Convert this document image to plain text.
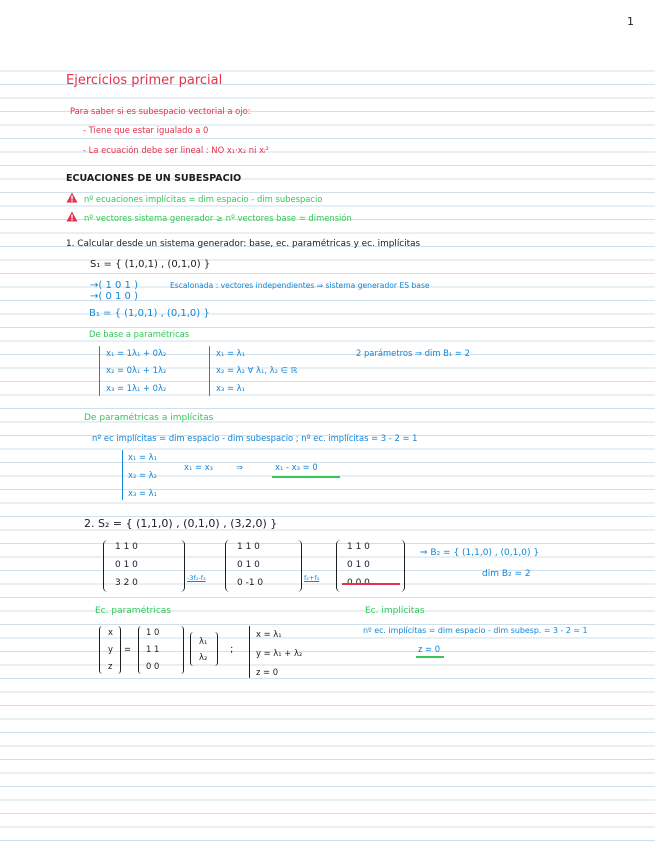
1
Ejercicios primer parcial
Para saber si es subespacio vectorial a ojo:
- Tiene que estar igualado a 0
- La ecuación debe ser lineal : NO x₁·x₂ ni xᵢ²
ECUACIONES DE UN SUBESPACIO
nº ecuaciones implícitas = dim espacio - dim subespacio
nº vectores sistema generador ≥ nº vectores base = dimensión
1. Calcular desde un sistema generador: base, ec. paramétricas y ec. implícitas
S₁ = { (1,0,1) , (0,1,0) }
→( 1 0 1 )
→( 0 1 0 )
Escalonada : vectores independientes ⇒ sistema generador ES base
B₁ = { (1,0,1) , (0,1,0) }
De base a paramétricas
x₁ = 1λ₁ + 0λ₂
x₂ = 0λ₁ + 1λ₂
x₃ = 1λ₁ + 0λ₂
x₁ = λ₁
x₂ = λ₂ ∀ λ₁, λ₂ ∈ ℝ
x₃ = λ₁
2 parámetros ⇒ dim B₁ = 2
De paramétricas a implícitas
nº ec implícitas = dim espacio - dim subespacio ; nº ec. implícitas = 3 - 2 = 1
x₁ = λ₁
x₂ = λ₂
x₃ = λ₁
x₁ = x₃	⇒	x₁ - x₃ = 0
2. S₂ = { (1,1,0) , (0,1,0) , (3,2,0) }
1 1 0
0 1 0
3 2 0	-3f₁-f₃
1 1 0
0 1 0
0 -1 0	f₂+f₃
1 1 0
0 1 0
⇒ B₂ = { (1,1,0) , (0,1,0) }
dim B₂ = 2
Ec. paramétricas
x
y
z
=
1 0
1 1
0 0
λ₁
λ₂
;
x = λ₁
y = λ₁ + λ₂
z = 0
Ec. implícitas
nº ec. implícitas = dim espacio - dim subesp. = 3 - 2 = 1
z = 0
